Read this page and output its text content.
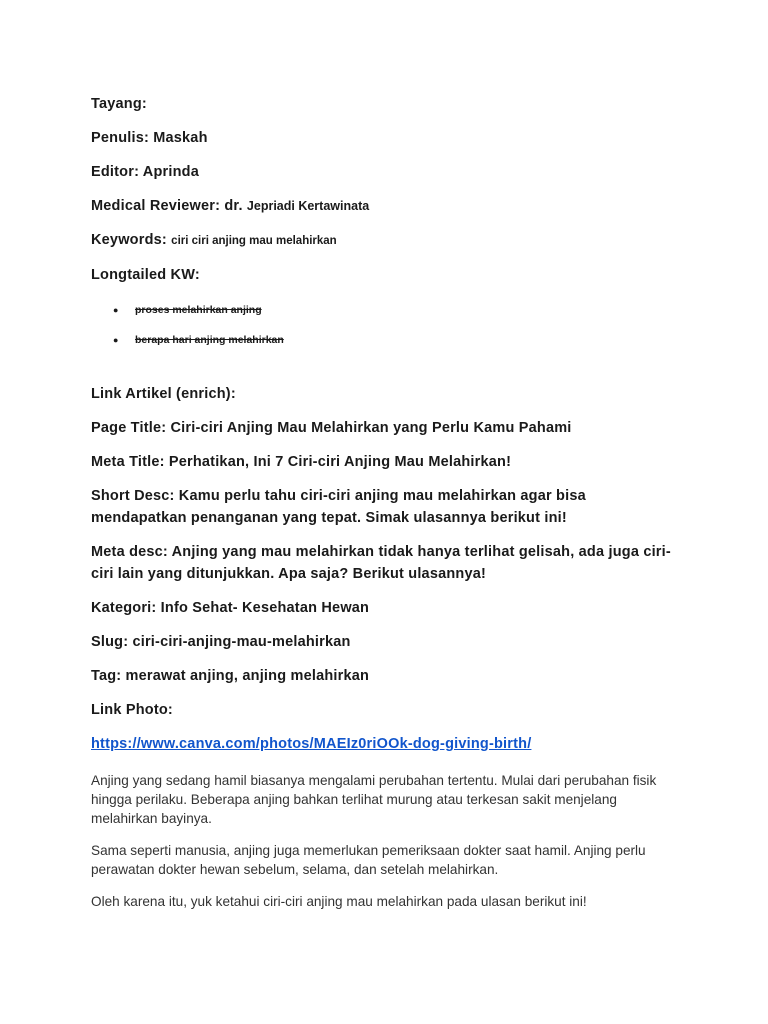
Tayang:

Penulis: Maskah

Editor: Aprinda

Medical Reviewer: dr. Jepriadi Kertawinata

Keywords: ciri ciri anjing mau melahirkan

Longtailed KW:

● proses melahirkan anjing
● berapa hari anjing melahirkan

Link Artikel (enrich):

Page Title: Ciri-ciri Anjing Mau Melahirkan yang Perlu Kamu Pahami

Meta Title: Perhatikan, Ini 7 Ciri-ciri Anjing Mau Melahirkan!

Short Desc: Kamu perlu tahu ciri-ciri anjing mau melahirkan agar bisa

mendapatkan penanganan yang tepat. Simak ulasannya berikut ini!

Meta desc: Anjing yang mau melahirkan tidak hanya terlihat gelisah, ada juga ciri-

ciri lain yang ditunjukkan. Apa saja? Berikut ulasannya!

Kategori: Info Sehat- Kesehatan Hewan

Slug: ciri-ciri-anjing-mau-melahirkan

Tag: merawat anjing, anjing melahirkan

Link Photo:

https://www.canva.com/photos/MAEIz0riOOk-dog-giving-birth/

Anjing yang sedang hamil biasanya mengalami perubahan tertentu. Mulai dari perubahan fisik

hingga perilaku. Beberapa anjing bahkan terlihat murung atau terkesan sakit menjelang

melahirkan bayinya.

Sama seperti manusia, anjing juga memerlukan pemeriksaan dokter saat hamil. Anjing perlu

perawatan dokter hewan sebelum, selama, dan setelah melahirkan.

Oleh karena itu, yuk ketahui ciri-ciri anjing mau melahirkan pada ulasan berikut ini!
